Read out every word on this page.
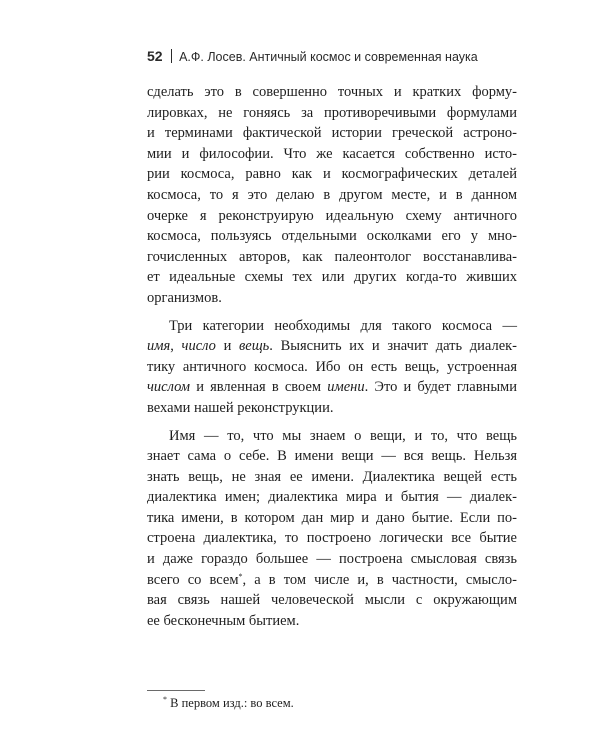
52 А.Ф. Лосев. Античный космос и современная наука
сделать это в совершенно точных и кратких форму-
лировках, не гоняясь за противоречивыми формулами
и терминами фактической истории греческой астроно-
мии и философии. Что же касается собственно исто-
рии космоса, равно как и космографических деталей
космоса, то я это делаю в другом месте, и в данном
очерке я реконструирую идеальную схему античного
космоса, пользуясь отдельными осколками его у мно-
гочисленных авторов, как палеонтолог восстанавлива-
ет идеальные схемы тех или других когда-то живших
организмов.
Три категории необходимы для такого космоса —
имя, число и вещь. Выяснить их и значит дать диалек-
тику античного космоса. Ибо он есть вещь, устроенная
числом и явленная в своем имени. Это и будет главными
вехами нашей реконструкции.
Имя — то, что мы знаем о вещи, и то, что вещь
знает сама о себе. В имени вещи — вся вещь. Нельзя
знать вещь, не зная ее имени. Диалектика вещей есть
диалектика имен; диалектика мира и бытия — диалек-
тика имени, в котором дан мир и дано бытие. Если по-
строена диалектика, то построено логически все бытие
и даже гораздо большее — построена смысловая связь
всего со всем*, а в том числе и, в частности, смысло-
вая связь нашей человеческой мысли с окружающим
ее бесконечным бытием.
* В первом изд.: во всем.
